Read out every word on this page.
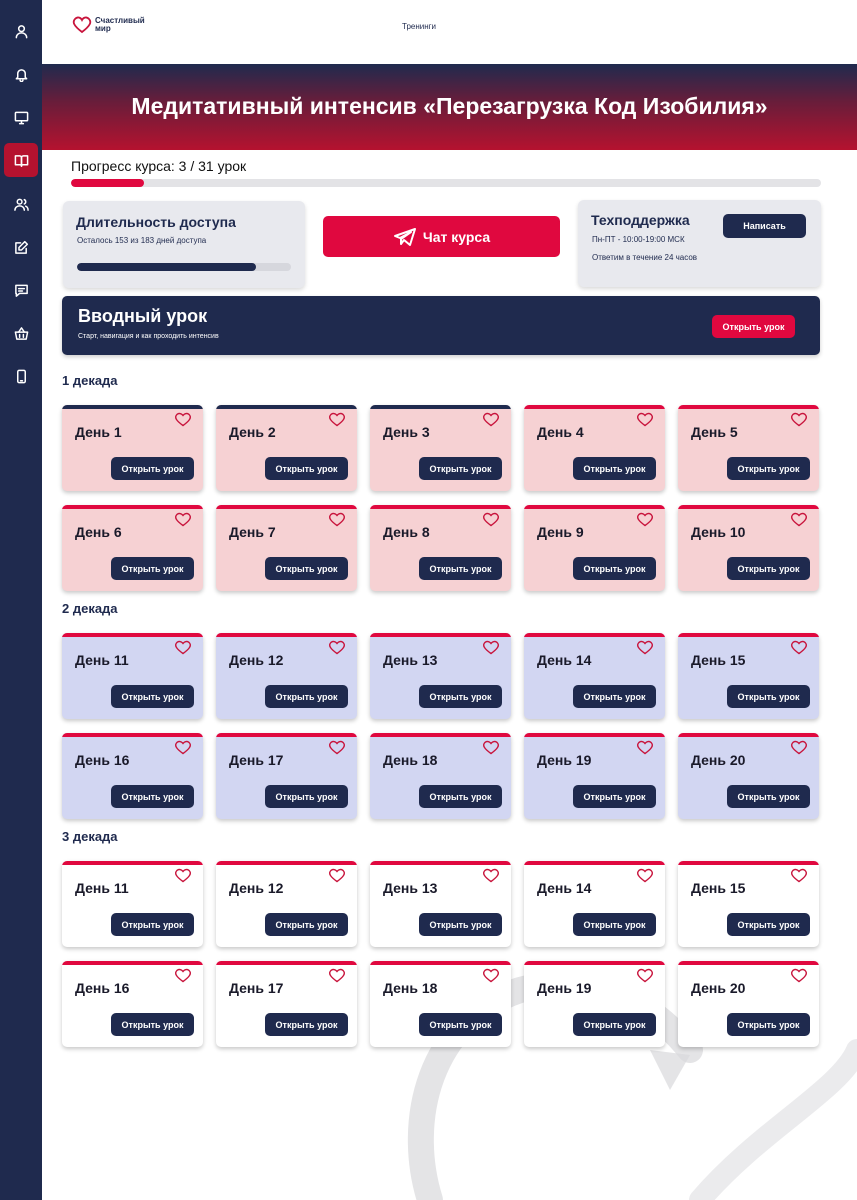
Счастливый мир	Тренинги
Медитативный интенсив «Перезагрузка Код Изобилия»
Прогресс курса: 3 / 31 урок
Длительность доступа
Осталось 153 из 183 дней доступа	Чат курса
Техподдержка
Пн-ПТ - 10:00-19:00 МСК
Ответим в течение 24 часов
Написать
Вводный урок
Старт, навигация и как проходить интенсив
Открыть урок
1 декада
День 1
Открыть урок
День 2
Открыть урок
День 3
Открыть урок
День 4
Открыть урок
День 5
Открыть урок
День 6
Открыть урок
День 7
Открыть урок
День 8
Открыть урок
День 9
Открыть урок
День 10
Открыть урок
2 декада
День 11
Открыть урок
День 12
Открыть урок
День 13
Открыть урок
День 14
Открыть урок
День 15
Открыть урок
День 16
Открыть урок
День 17
Открыть урок
День 18
Открыть урок
День 19
Открыть урок
День 20
Открыть урок
3 декада
День 11
Открыть урок
День 12
Открыть урок
День 13
Открыть урок
День 14
Открыть урок
День 15
Открыть урок
День 16
Открыть урок
День 17
Открыть урок
День 18
Открыть урок
День 19
Открыть урок
День 20
Открыть урок
